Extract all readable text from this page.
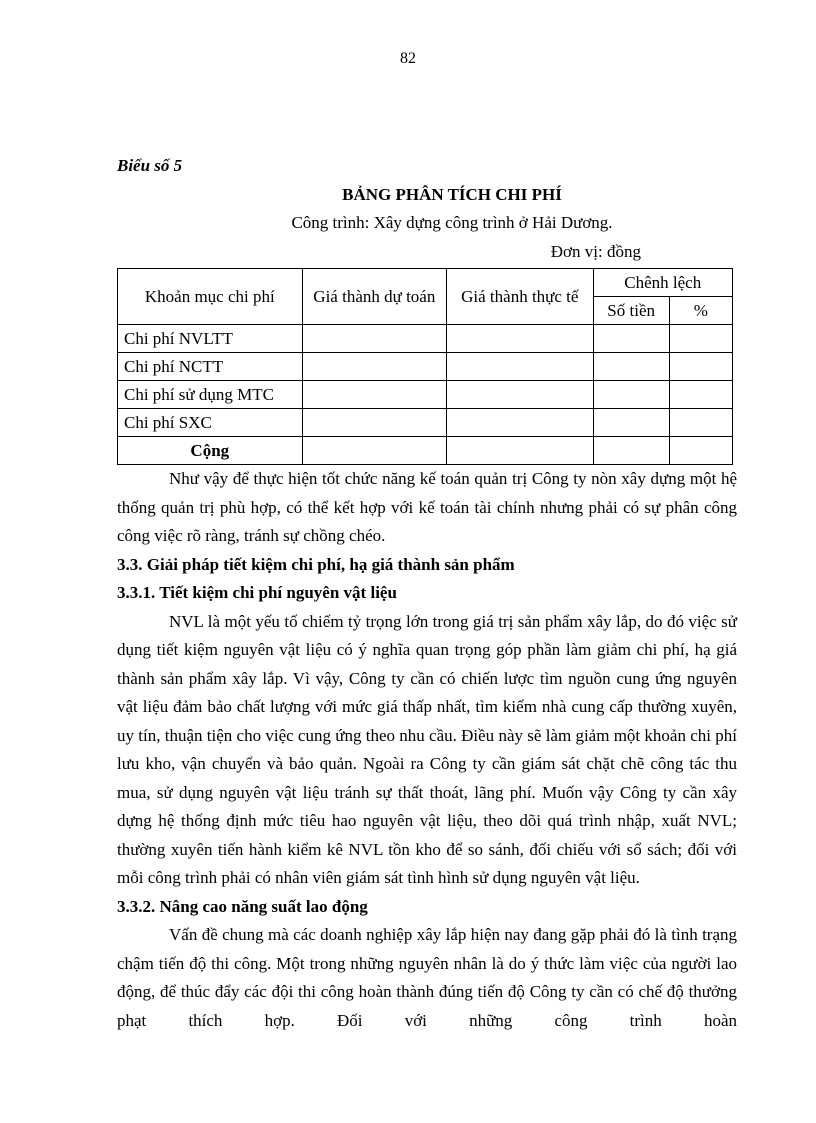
82
Biểu số 5
BẢNG PHÂN TÍCH CHI PHÍ
Công trình: Xây dựng công trình ở Hải Dương.
Đơn vị: đồng
Khoản mục chi phí	Giá thành dự toán	Giá thành thực tế	Chênh lệch	
			Số tiền	%
Chi phí NVLTT				
Chi phí NCTT				
Chi phí sử dụng MTC				
Chi phí SXC				
Cộng				

Như vậy để thực hiện tốt chức năng kế toán quản trị Công ty nòn xây dựng một hệ thống quản trị phù hợp, có thể kết hợp với kế toán tài chính nhưng phải có sự phân công công việc rõ ràng, tránh sự chồng chéo.

3.3. Giải pháp tiết kiệm chi phí, hạ giá thành sản phẩm

3.3.1. Tiết kiệm chi phí nguyên vật liệu

NVL là một yếu tố chiếm tỷ trọng lớn trong giá trị sản phẩm xây lắp, do đó việc sử dụng tiết kiệm nguyên vật liệu có ý nghĩa quan trọng góp phần làm giảm chi phí, hạ giá thành sản phẩm xây lắp. Vì vậy, Công ty cần có chiến lược tìm nguồn cung ứng nguyên vật liệu đảm bảo chất lượng với mức giá thấp nhất, tìm kiếm nhà cung cấp thường xuyên, uy tín, thuận tiện cho việc cung ứng theo nhu cầu. Điều này sẽ làm giảm một khoản chi phí lưu kho, vận chuyển và bảo quản. Ngoài ra Công ty cần giám sát chặt chẽ công tác thu mua, sử dụng nguyên vật liệu tránh sự thất thoát, lãng phí. Muốn vậy Công ty cần xây dựng hệ thống định mức tiêu hao nguyên vật liệu, theo dõi quá trình nhập, xuất NVL; thường xuyên tiến hành kiểm kê NVL tồn kho để so sánh, đối chiếu với sổ sách; đối với mỗi công trình phải có nhân viên giám sát tình hình sử dụng nguyên vật liệu.

3.3.2. Nâng cao năng suất lao động

Vấn đề chung mà các doanh nghiệp xây lắp hiện nay đang gặp phải đó là tình trạng chậm tiến độ thi công. Một trong những nguyên nhân là do ý thức làm việc của người lao động, để thúc đẩy các đội thi công hoàn thành đúng tiến độ Công ty cần có chế độ thưởng phạt thích hợp. Đối với những công trình hoàn
